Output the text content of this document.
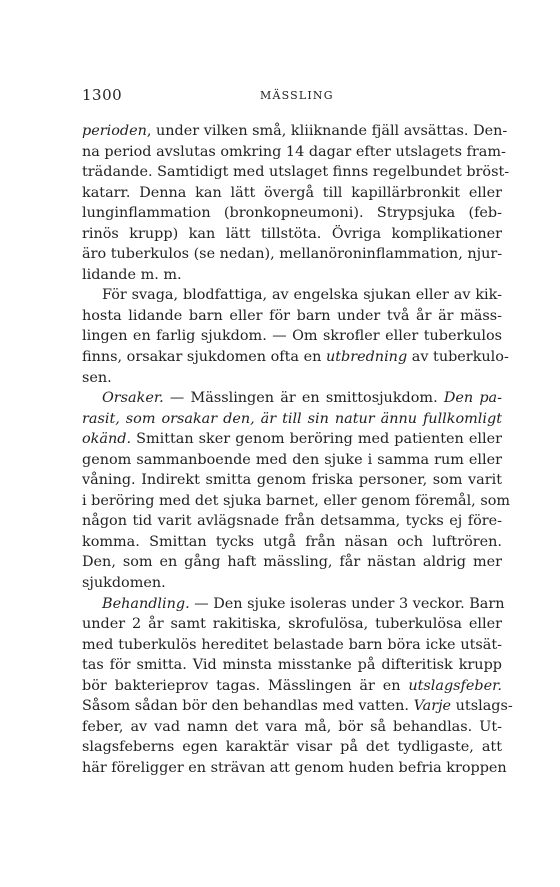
1300	MÄSSLING
perioden, under vilken små, kliiknande fjäll avsättas. Den-
na period avslutas omkring 14 dagar efter utslagets fram-
trädande. Samtidigt med utslaget finns regelbundet bröst-
katarr. Denna kan lätt övergå till kapillärbronkit eller
lunginflammation (bronkopneumoni). Strypsjuka (feb-
rinös krupp) kan lätt tillstöta. Övriga komplikationer
äro tuberkulos (se nedan), mellanöroninflammation, njur-
lidande m. m.
För svaga, blodfattiga, av engelska sjukan eller av kik-
hosta lidande barn eller för barn under två år är mäss-
lingen en farlig sjukdom. — Om skrofler eller tuberkulos
finns, orsakar sjukdomen ofta en utbredning av tuberkulo-
sen.
Orsaker. — Mässlingen är en smittosjukdom. Den pa-
rasit, som orsakar den, är till sin natur ännu fullkomligt
okänd. Smittan sker genom beröring med patienten eller
genom sammanboende med den sjuke i samma rum eller
våning. Indirekt smitta genom friska personer, som varit
i beröring med det sjuka barnet, eller genom föremål, som
någon tid varit avlägsnade från detsamma, tycks ej före-
komma. Smittan tycks utgå från näsan och luftrören.
Den, som en gång haft mässling, får nästan aldrig mer
sjukdomen.
Behandling. — Den sjuke isoleras under 3 veckor. Barn
under 2 år samt rakitiska, skrofulösa, tuberkulösa eller
med tuberkulös hereditet belastade barn böra icke utsät-
tas för smitta. Vid minsta misstanke på difteritisk krupp
bör bakterieprov tagas. Mässlingen är en utslagsfeber.
Såsom sådan bör den behandlas med vatten. Varje utslags-
feber, av vad namn det vara må, bör så behandlas. Ut-
slagsfeberns egen karaktär visar på det tydligaste, att
här föreligger en strävan att genom huden befria kroppen
